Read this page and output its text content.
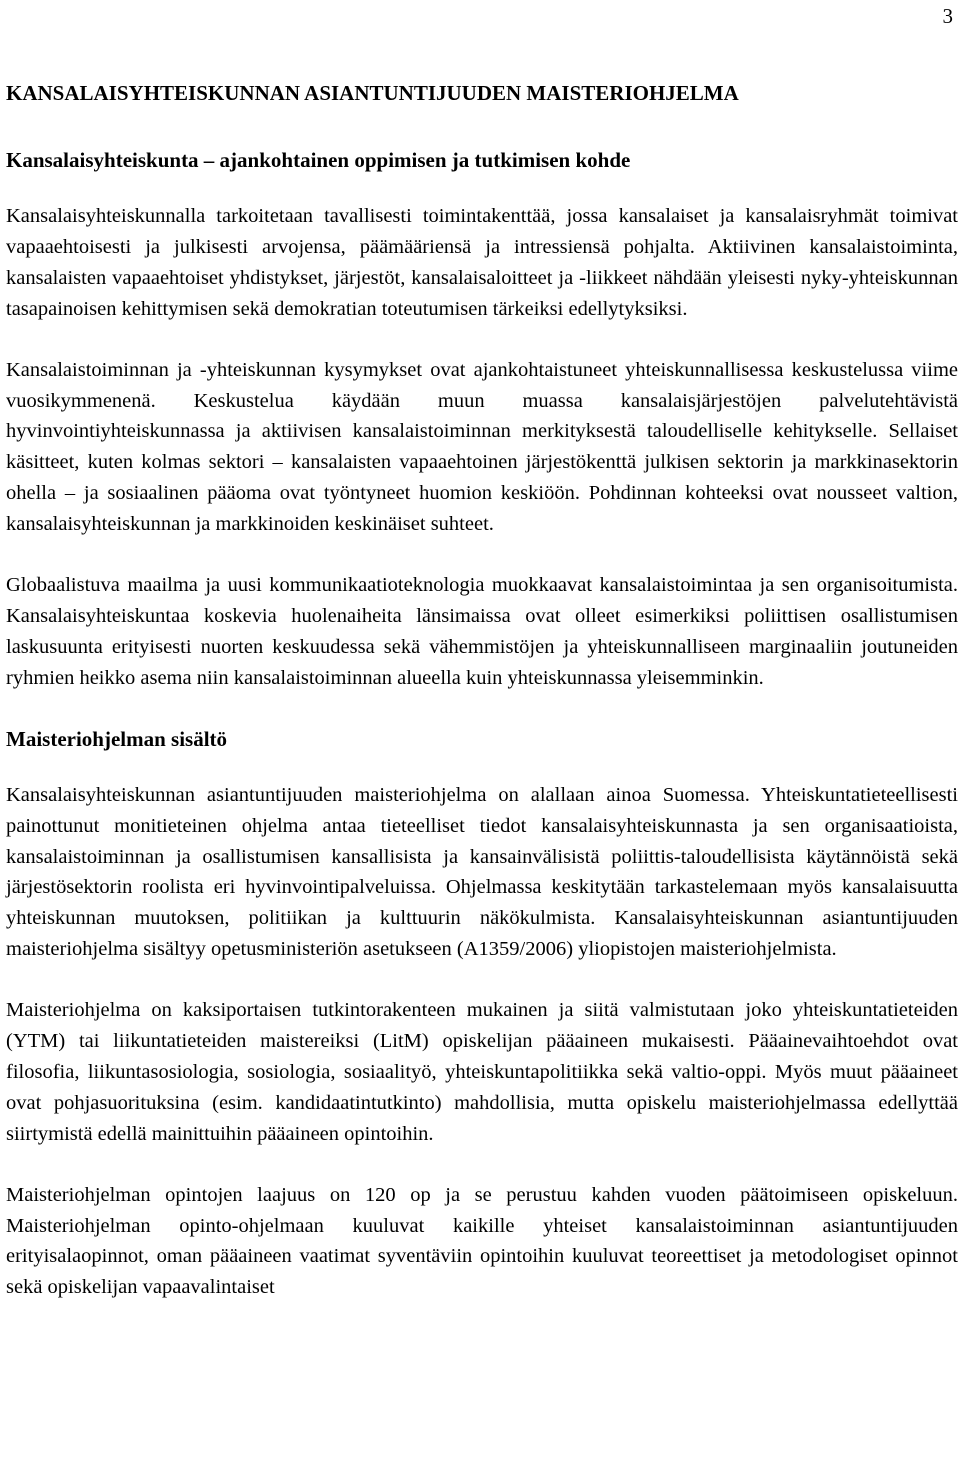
3
KANSALAISYHTEISKUNNAN ASIANTUNTIJUUDEN MAISTERIOHJELMA
Kansalaisyhteiskunta – ajankohtainen oppimisen ja tutkimisen kohde

Kansalaisyhteiskunnalla tarkoitetaan tavallisesti toimintakenttää, jossa kansalaiset ja kansalaisryhmät toimivat vapaaehtoisesti ja julkisesti arvojensa, päämääriensä ja intressiensä pohjalta. Aktiivinen kansalaistoiminta, kansalaisten vapaaehtoiset yhdistykset, järjestöt, kansalaisaloitteet ja -liikkeet nähdään yleisesti nyky-yhteiskunnan tasapainoisen kehittymisen sekä demokratian toteutumisen tärkeiksi edellytyksiksi.

Kansalaistoiminnan ja -yhteiskunnan kysymykset ovat ajankohtaistuneet yhteiskunnallisessa keskustelussa viime vuosikymmenenä. Keskustelua käydään muun muassa kansalaisjärjestöjen palvelutehtävistä hyvinvointiyhteiskunnassa ja aktiivisen kansalaistoiminnan merkityksestä taloudelliselle kehitykselle. Sellaiset käsitteet, kuten kolmas sektori – kansalaisten vapaaehtoinen järjestökenttä julkisen sektorin ja markkinasektorin ohella – ja sosiaalinen pääoma ovat työntyneet huomion keskiöön. Pohdinnan kohteeksi ovat nousseet valtion, kansalaisyhteiskunnan ja markkinoiden keskinäiset suhteet.

Globaalistuva maailma ja uusi kommunikaatioteknologia muokkaavat kansalaistoimintaa ja sen organisoitumista. Kansalaisyhteiskuntaa koskevia huolenaiheita länsimaissa ovat olleet esimerkiksi poliittisen osallistumisen laskusuunta erityisesti nuorten keskuudessa sekä vähemmistöjen ja yhteiskunnalliseen marginaaliin joutuneiden ryhmien heikko asema niin kansalaistoiminnan alueella kuin yhteiskunnassa yleisemminkin.

Maisteriohjelman sisältö

Kansalaisyhteiskunnan asiantuntijuuden maisteriohjelma on alallaan ainoa Suomessa. Yhteiskuntatieteellisesti painottunut monitieteinen ohjelma antaa tieteelliset tiedot kansalaisyhteiskunnasta ja sen organisaatioista, kansalaistoiminnan ja osallistumisen kansallisista ja kansainvälisistä poliittis-taloudellisista käytännöistä sekä järjestösektorin roolista eri hyvinvointipalveluissa. Ohjelmassa keskitytään tarkastelemaan myös kansalaisuutta yhteiskunnan muutoksen, politiikan ja kulttuurin näkökulmista. Kansalaisyhteiskunnan asiantuntijuuden maisteriohjelma sisältyy opetusministeriön asetukseen (A1359/2006) yliopistojen maisteriohjelmista.

Maisteriohjelma on kaksiportaisen tutkintorakenteen mukainen ja siitä valmistutaan joko yhteiskuntatieteiden (YTM) tai liikuntatieteiden maistereiksi (LitM) opiskelijan pääaineen mukaisesti. Pääainevaihtoehdot ovat filosofia, liikuntasosiologia, sosiologia, sosiaalityö, yhteiskuntapolitiikka sekä valtio-oppi. Myös muut pääaineet ovat pohjasuorituksina (esim. kandidaatintutkinto) mahdollisia, mutta opiskelu maisteriohjelmassa edellyttää siirtymistä edellä mainittuihin pääaineen opintoihin.

Maisteriohjelman opintojen laajuus on 120 op ja se perustuu kahden vuoden päätoimiseen opiskeluun. Maisteriohjelman opinto-ohjelmaan kuuluvat kaikille yhteiset kansalaistoiminnan asiantuntijuuden erityisalaopinnot, oman pääaineen vaatimat syventäviin opintoihin kuuluvat teoreettiset ja metodologiset opinnot sekä opiskelijan vapaavalintaiset
